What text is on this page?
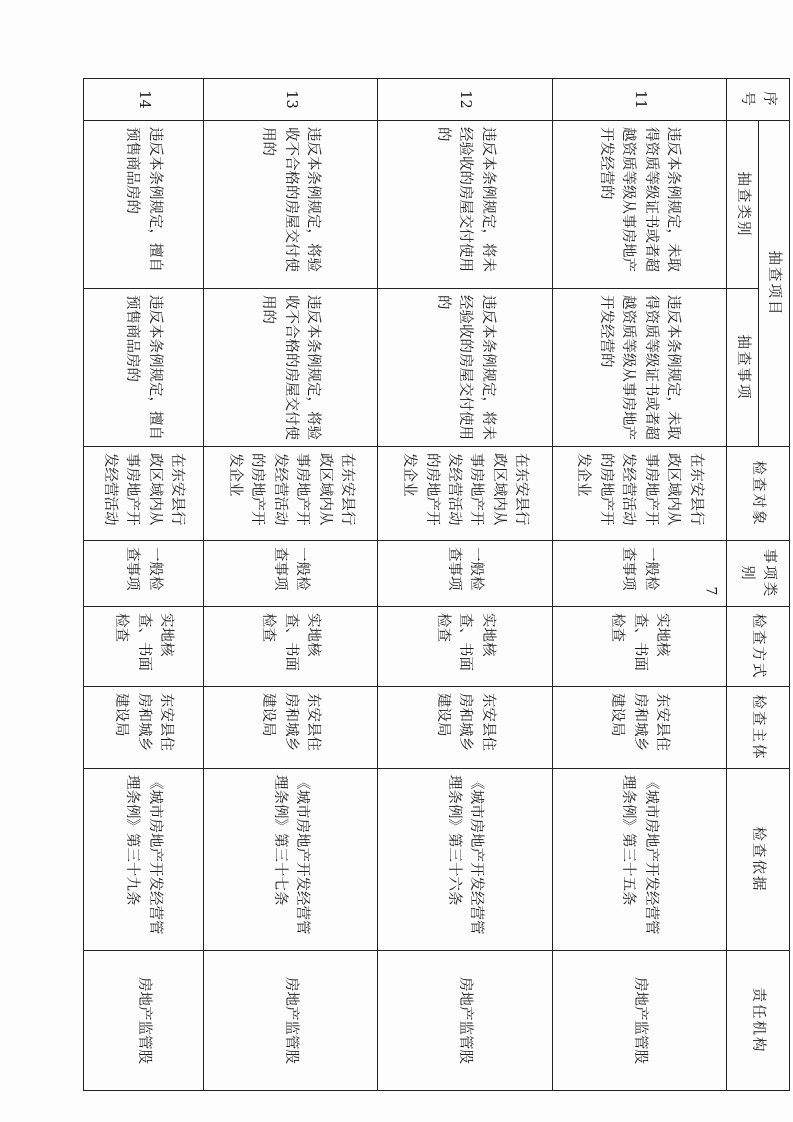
序号	抽查项目		检查对象	事项类别	检查方式	检查主体	检查依据	责任机构
	抽查类别	抽查事项						
11	违反本条例规定，未取得资质等级证书或者超越资质等级从事房地产开发经营的	违反本条例规定，未取得资质等级证书或者超越资质等级从事房地产开发经营的	在东安县行政区域内从事房地产开发经营活动的房地产开发企业	一般检查事项	实地核查、书面检查	东安县住房和城乡建设局	《城市房地产开发经营管理条例》第三十五条	房地产监管股
12	违反本条例规定，将未经验收的房屋交付使用的	违反本条例规定，将未经验收的房屋交付使用的	在东安县行政区域内从事房地产开发经营活动的房地产开发企业	一般检查事项	实地核查、书面检查	东安县住房和城乡建设局	《城市房地产开发经营管理条例》第三十六条	房地产监管股
13	违反本条例规定，将验收不合格的房屋交付使用的	违反本条例规定，将验收不合格的房屋交付使用的	在东安县行政区域内从事房地产开发经营活动的房地产开发企业	一般检查事项	实地核查、书面检查	东安县住房和城乡建设局	《城市房地产开发经营管理条例》第三十七条	房地产监管股
14	违反本条例规定，擅自预售商品房的	违反本条例规定，擅自预售商品房的	在东安县行政区域内从事房地产开发经营活动	一般检查事项	实地核查、书面检查	东安县住房和城乡建设局	《城市房地产开发经营管理条例》第三十九条	房地产监管股
7
